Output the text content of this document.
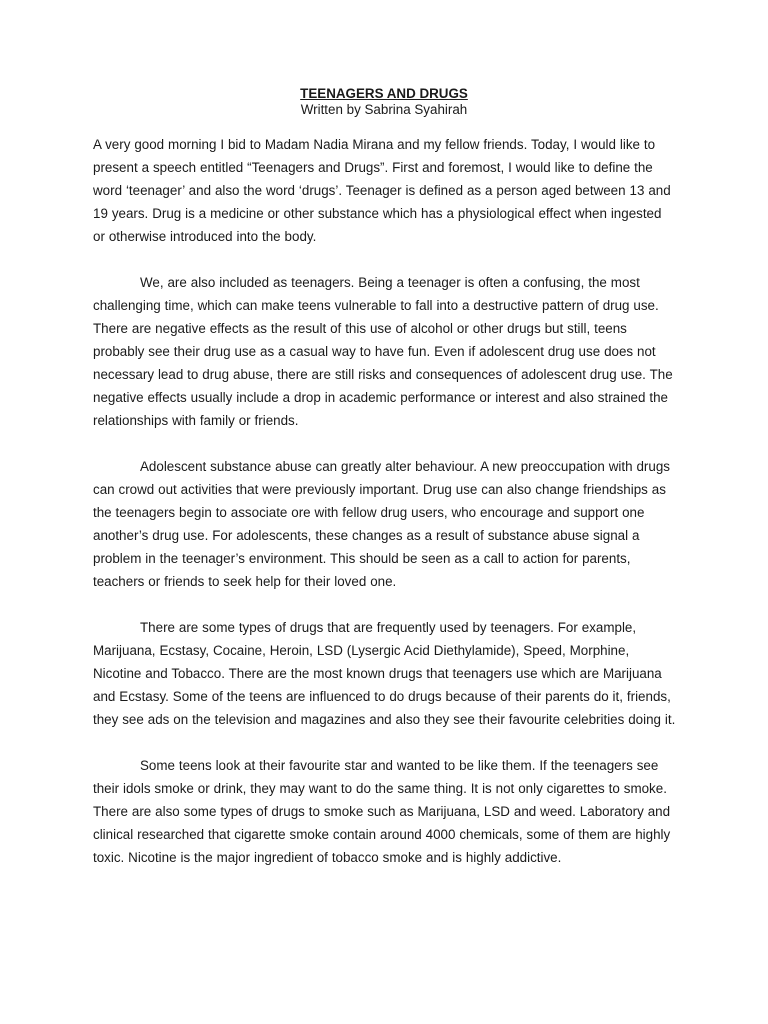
TEENAGERS AND DRUGS
Written by Sabrina Syahirah

A very good morning I bid to Madam Nadia Mirana and my fellow friends. Today, I would like to present a speech entitled “Teenagers and Drugs”. First and foremost, I would like to define the word ‘teenager’ and also the word ‘drugs’. Teenager is defined as a person aged between 13 and 19 years. Drug is a medicine or other substance which has a physiological effect when ingested or otherwise introduced into the body.

We, are also included as teenagers. Being a teenager is often a confusing, the most challenging time, which can make teens vulnerable to fall into a destructive pattern of drug use. There are negative effects as the result of this use of alcohol or other drugs but still, teens probably see their drug use as a casual way to have fun. Even if adolescent drug use does not necessary lead to drug abuse, there are still risks and consequences of adolescent drug use. The negative effects usually include a drop in academic performance or interest and also strained the relationships with family or friends.

Adolescent substance abuse can greatly alter behaviour. A new preoccupation with drugs can crowd out activities that were previously important. Drug use can also change friendships as the teenagers begin to associate ore with fellow drug users, who encourage and support one another’s drug use. For adolescents, these changes as a result of substance abuse signal a problem in the teenager’s environment. This should be seen as a call to action for parents, teachers or friends to seek help for their loved one.

There are some types of drugs that are frequently used by teenagers. For example, Marijuana, Ecstasy, Cocaine, Heroin, LSD (Lysergic Acid Diethylamide), Speed, Morphine, Nicotine and Tobacco. There are the most known drugs that teenagers use which are Marijuana and Ecstasy. Some of the teens are influenced to do drugs because of their parents do it, friends, they see ads on the television and magazines and also they see their favourite celebrities doing it.

Some teens look at their favourite star and wanted to be like them. If the teenagers see their idols smoke or drink, they may want to do the same thing. It is not only cigarettes to smoke. There are also some types of drugs to smoke such as Marijuana, LSD and weed. Laboratory and clinical researched that cigarette smoke contain around 4000 chemicals, some of them are highly toxic. Nicotine is the major ingredient of tobacco smoke and is highly addictive.
